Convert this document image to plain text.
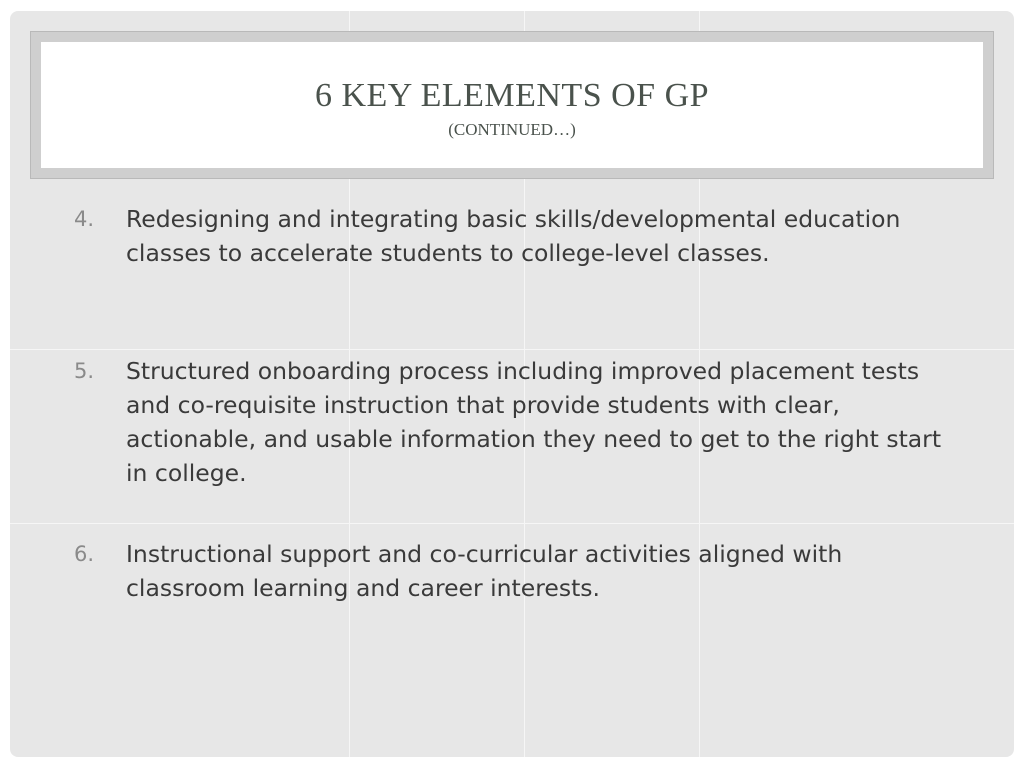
6 KEY ELEMENTS OF GP
(CONTINUED…)
4. Redesigning and integrating basic skills/developmental education classes to accelerate students to college-level classes.
5. Structured onboarding process including improved placement tests and co-requisite instruction that provide students with clear, actionable, and usable information they need to get to the right start in college.
6. Instructional support and co-curricular activities aligned with classroom learning and career interests.
